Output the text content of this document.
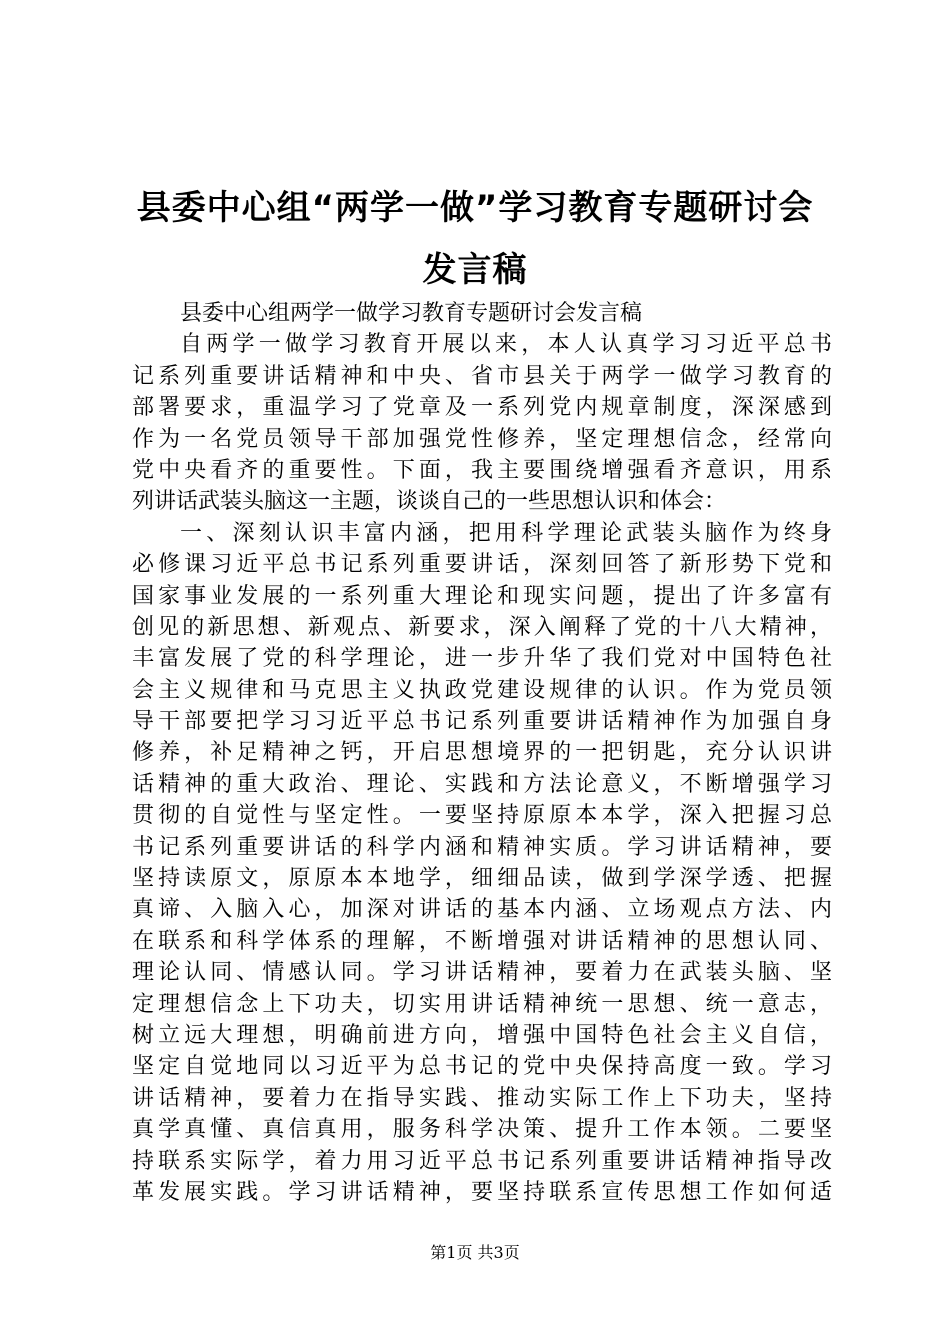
县委中心组“两学一做”学习教育专题研讨会
发言稿
县委中心组两学一做学习教育专题研讨会发言稿
自两学一做学习教育开展以来，本人认真学习习近平总书
记系列重要讲话精神和中央、省市县关于两学一做学习教育的
部署要求，重温学习了党章及一系列党内规章制度，深深感到
作为一名党员领导干部加强党性修养，坚定理想信念，经常向
党中央看齐的重要性。下面，我主要围绕增强看齐意识，用系
列讲话武装头脑这一主题，谈谈自己的一些思想认识和体会：
一、深刻认识丰富内涵，把用科学理论武装头脑作为终身
必修课习近平总书记系列重要讲话，深刻回答了新形势下党和
国家事业发展的一系列重大理论和现实问题，提出了许多富有
创见的新思想、新观点、新要求，深入阐释了党的十八大精神，
丰富发展了党的科学理论，进一步升华了我们党对中国特色社
会主义规律和马克思主义执政党建设规律的认识。作为党员领
导干部要把学习习近平总书记系列重要讲话精神作为加强自身
修养，补足精神之钙，开启思想境界的一把钥匙，充分认识讲
话精神的重大政治、理论、实践和方法论意义，不断增强学习
贯彻的自觉性与坚定性。一要坚持原原本本学，深入把握习总
书记系列重要讲话的科学内涵和精神实质。学习讲话精神，要
坚持读原文，原原本本地学，细细品读，做到学深学透、把握
真谛、入脑入心，加深对讲话的基本内涵、立场观点方法、内
在联系和科学体系的理解，不断增强对讲话精神的思想认同、
理论认同、情感认同。学习讲话精神，要着力在武装头脑、坚
定理想信念上下功夫，切实用讲话精神统一思想、统一意志，
树立远大理想，明确前进方向，增强中国特色社会主义自信，
坚定自觉地同以习近平为总书记的党中央保持高度一致。学习
讲话精神，要着力在指导实践、推动实际工作上下功夫，坚持
真学真懂、真信真用，服务科学决策、提升工作本领。二要坚
持联系实际学，着力用习近平总书记系列重要讲话精神指导改
革发展实践。学习讲话精神，要坚持联系宣传思想工作如何适
第1页 共3页
